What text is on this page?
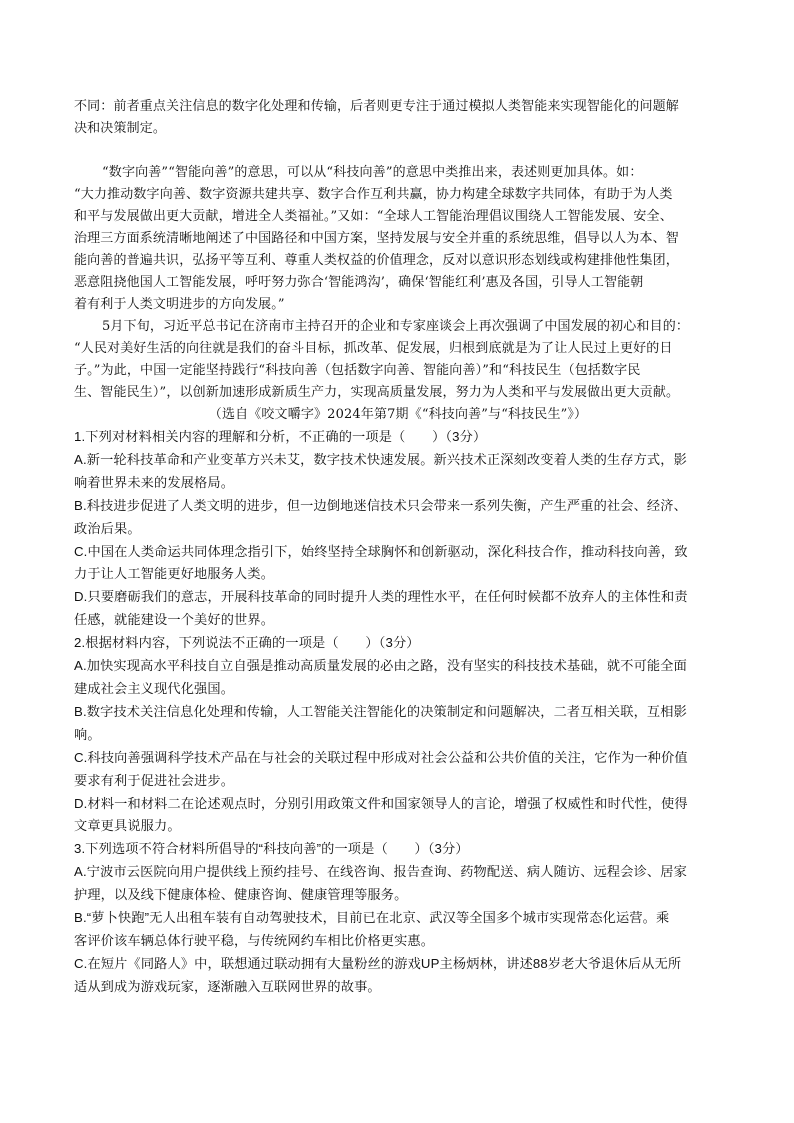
不同：前者重点关注信息的数字化处理和传输，后者则更专注于通过模拟人类智能来实现智能化的问题解

决和决策制定。

“数字向善”“智能向善”的意思，可以从“科技向善”的意思中类推出来，表述则更加具体。如：

“大力推动数字向善、数字资源共建共享、数字合作互利共赢，协力构建全球数字共同体，有助于为人类

和平与发展做出更大贡献，增进全人类福祉。”又如：“全球人工智能治理倡议围绕人工智能发展、安全、

治理三方面系统清晰地阐述了中国路径和中国方案，坚持发展与安全并重的系统思维，倡导以人为本、智

能向善的普遍共识，弘扬平等互利、尊重人类权益的价值理念，反对以意识形态划线或构建排他性集团，

恶意阻挠他国人工智能发展，呼吁努力弥合‘智能鸿沟’，确保‘智能红利’惠及各国，引导人工智能朝

着有利于人类文明进步的方向发展。”

5月下旬，习近平总书记在济南市主持召开的企业和专家座谈会上再次强调了中国发展的初心和目的：

“人民对美好生活的向往就是我们的奋斗目标，抓改革、促发展，归根到底就是为了让人民过上更好的日

子。”为此，中国一定能坚持践行“科技向善（包括数字向善、智能向善）”和“科技民生（包括数字民

生、智能民生）”，以创新加速形成新质生产力，实现高质量发展，努力为人类和平与发展做出更大贡献。

（选自《咬文嚼字》2024年第7期《“科技向善”与“科技民生”》）

1.下列对材料相关内容的理解和分析，不正确的一项是（　　）（3分）

A.新一轮科技革命和产业变革方兴未艾，数字技术快速发展。新兴技术正深刻改变着人类的生存方式，影

响着世界未来的发展格局。

B.科技进步促进了人类文明的进步，但一边倒地迷信技术只会带来一系列失衡，产生严重的社会、经济、

政治后果。

C.中国在人类命运共同体理念指引下，始终坚持全球胸怀和创新驱动，深化科技合作，推动科技向善，致

力于让人工智能更好地服务人类。

D.只要磨砺我们的意志，开展科技革命的同时提升人类的理性水平，在任何时候都不放弃人的主体性和责

任感，就能建设一个美好的世界。

2.根据材料内容，下列说法不正确的一项是（　　）（3分）

A.加快实现高水平科技自立自强是推动高质量发展的必由之路，没有坚实的科技技术基础，就不可能全面

建成社会主义现代化强国。

B.数字技术关注信息化处理和传输，人工智能关注智能化的决策制定和问题解决，二者互相关联，互相影

响。

C.科技向善强调科学技术产品在与社会的关联过程中形成对社会公益和公共价值的关注，它作为一种价值

要求有利于促进社会进步。

D.材料一和材料二在论述观点时，分别引用政策文件和国家领导人的言论，增强了权威性和时代性，使得

文章更具说服力。

3.下列选项不符合材料所倡导的“科技向善”的一项是（　　）（3分）

A.宁波市云医院向用户提供线上预约挂号、在线咨询、报告查询、药物配送、病人随访、远程会诊、居家

护理，以及线下健康体检、健康咨询、健康管理等服务。

B.“萝卜快跑”无人出租车装有自动驾驶技术，目前已在北京、武汉等全国多个城市实现常态化运营。乘

客评价该车辆总体行驶平稳，与传统网约车相比价格更实惠。

C.在短片《同路人》中，联想通过联动拥有大量粉丝的游戏UP主杨炳林，讲述88岁老大爷退休后从无所

适从到成为游戏玩家，逐渐融入互联网世界的故事。
